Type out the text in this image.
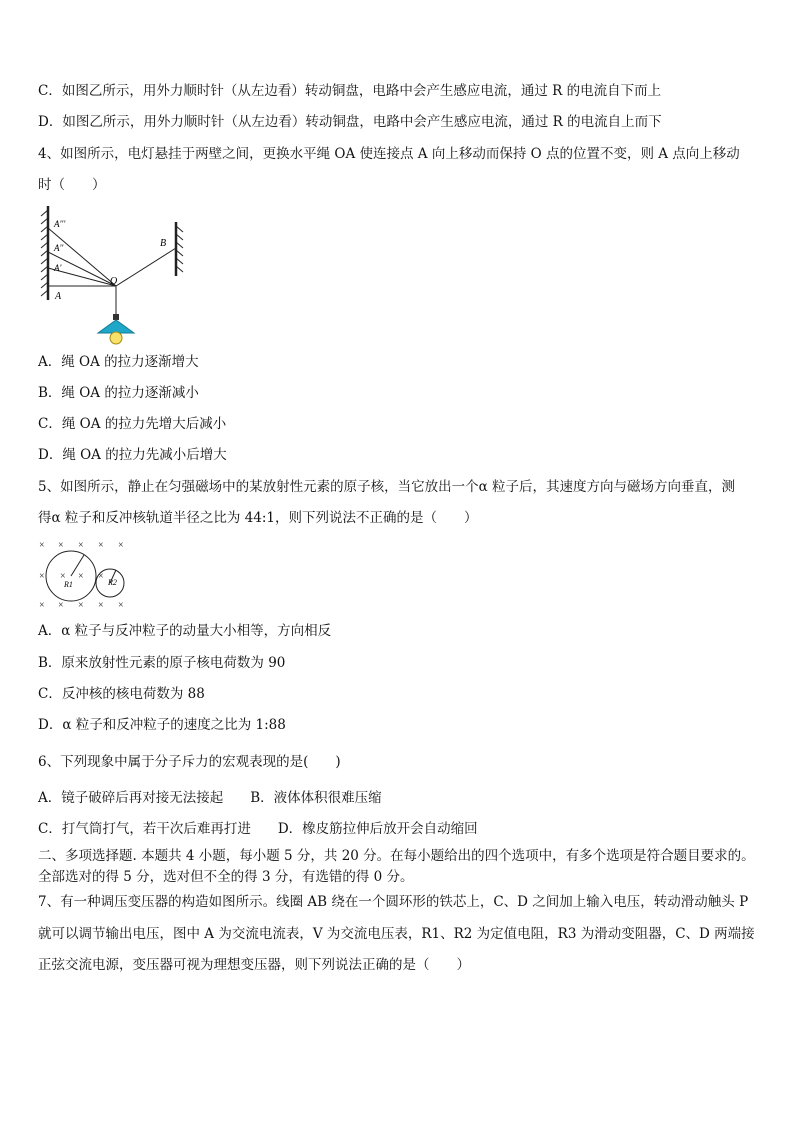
C．如图乙所示，用外力顺时针（从左边看）转动铜盘，电路中会产生感应电流，通过 R 的电流自下而上
D．如图乙所示，用外力顺时针（从左边看）转动铜盘，电路中会产生感应电流，通过 R 的电流自上而下
4、如图所示，电灯悬挂于两壁之间，更换水平绳 OA 使连接点 A 向上移动而保持 O 点的位置不变，则 A 点向上移动
时（　　）
A'''
A''
A'
A
O
B
A．绳 OA 的拉力逐渐增大
B．绳 OA 的拉力逐渐减小
C．绳 OA 的拉力先增大后减小
D．绳 OA 的拉力先减小后增大
5、如图所示，静止在匀强磁场中的某放射性元素的原子核，当它放出一个α 粒子后，其速度方向与磁场方向垂直，测
得α 粒子和反冲核轨道半径之比为 44:1，则下列说法不正确的是（　　）
× × × × ×
× × × ×
× × × × ×
R1	R2
A．α 粒子与反冲粒子的动量大小相等，方向相反
B．原来放射性元素的原子核电荷数为 90
C．反冲核的核电荷数为 88
D．α 粒子和反冲粒子的速度之比为 1:88
6、下列现象中属于分子斥力的宏观表现的是(　　)
A．镜子破碎后再对接无法接起　　B．液体体积很难压缩
C．打气筒打气，若干次后难再打进　　D．橡皮筋拉伸后放开会自动缩回
二、多项选择题. 本题共 4 小题，每小题 5 分，共 20 分。在每小题给出的四个选项中，有多个选项是符合题目要求的。
全部选对的得 5 分，选对但不全的得 3 分，有选错的得 0 分。
7、有一种调压变压器的构造如图所示。线圈 AB 绕在一个圆环形的铁芯上，C、D 之间加上输入电压，转动滑动触头 P
就可以调节输出电压，图中 A 为交流电流表，V 为交流电压表，R1、R2 为定值电阻，R3 为滑动变阻器，C、D 两端接
正弦交流电源，变压器可视为理想变压器，则下列说法正确的是（　　）
